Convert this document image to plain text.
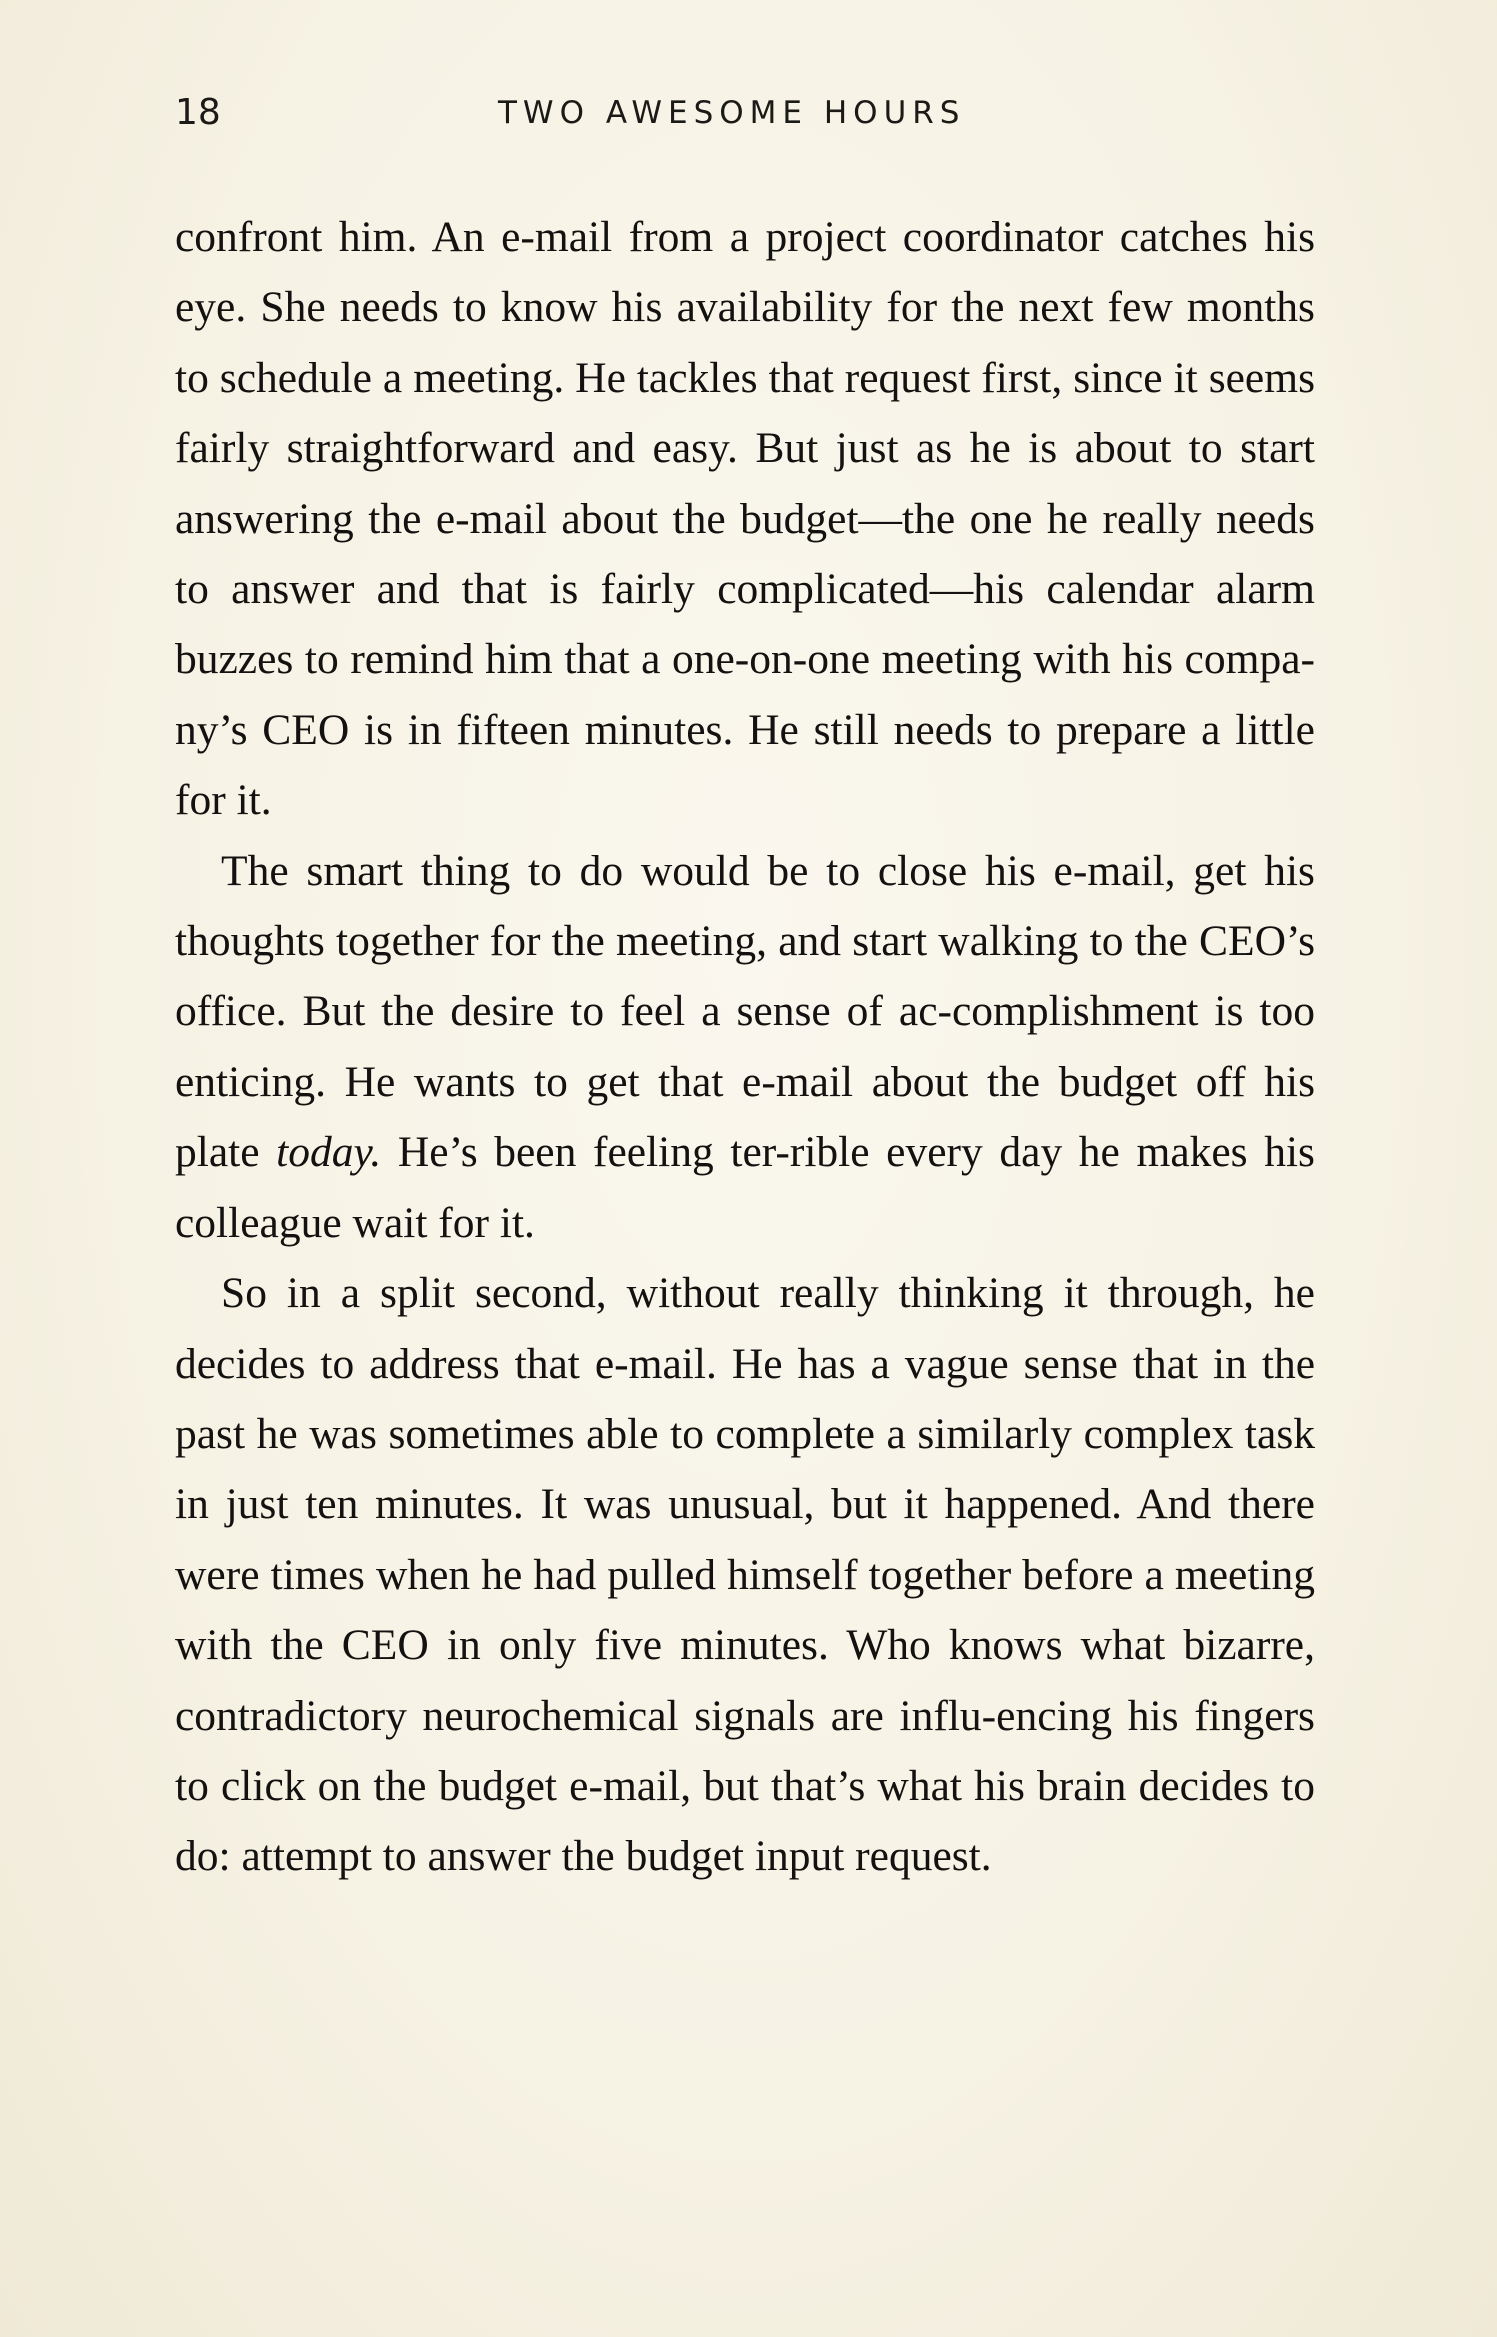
18	TWO AWESOME HOURS

confront him. An e-mail from a project coordinator catches his eye. She needs to know his availability for the next few months to schedule a meeting. He tackles that request first, since it seems fairly straightforward and easy. But just as he is about to start answering the e-mail about the budget—the one he really needs to answer and that is fairly complicated—his calendar alarm buzzes to remind him that a one-on-one meeting with his compa-ny’s CEO is in fifteen minutes. He still needs to prepare a little for it.

The smart thing to do would be to close his e-mail, get his thoughts together for the meeting, and start walking to the CEO’s office. But the desire to feel a sense of ac-complishment is too enticing. He wants to get that e-mail about the budget off his plate today. He’s been feeling ter-rible every day he makes his colleague wait for it.

So in a split second, without really thinking it through, he decides to address that e-mail. He has a vague sense that in the past he was sometimes able to complete a similarly complex task in just ten minutes. It was unusual, but it happened. And there were times when he had pulled himself together before a meeting with the CEO in only five minutes. Who knows what bizarre, contradictory neurochemical signals are influ-encing his fingers to click on the budget e-mail, but that’s what his brain decides to do: attempt to answer the budget input request.
